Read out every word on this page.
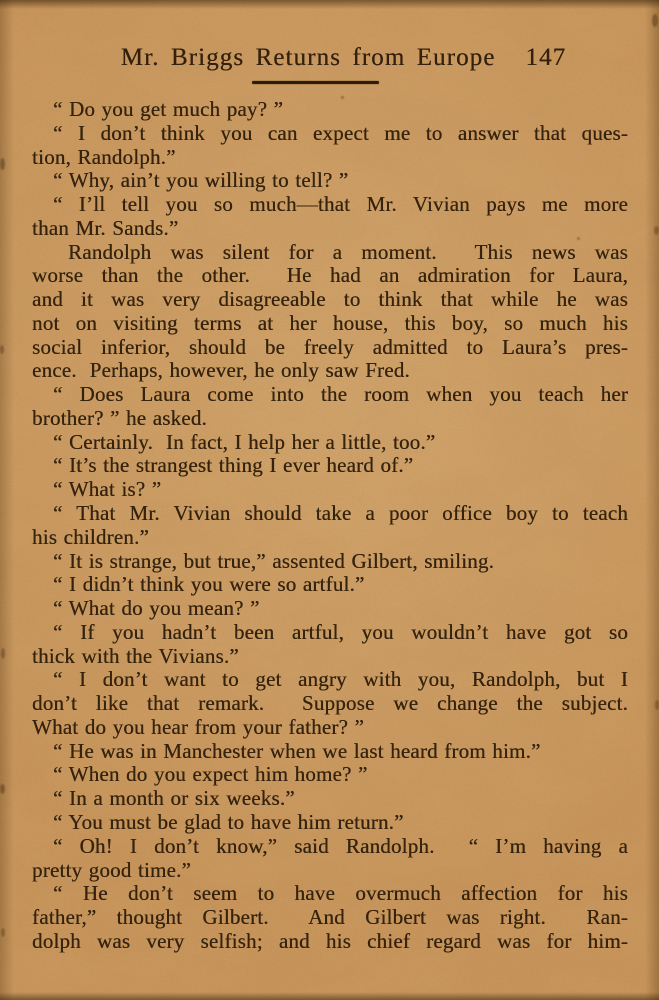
Mr. Briggs Returns from Europe 147
“ Do you get much pay? ”
“ I don’t think you can expect me to answer that ques-
tion, Randolph.”
“ Why, ain’t you willing to tell? ”
“ I’ll tell you so much—that Mr. Vivian pays me more
than Mr. Sands.”
Randolph was silent for a moment.  This news was
worse than the other.  He had an admiration for Laura,
and it was very disagreeable to think that while he was
not on visiting terms at her house, this boy, so much his
social inferior, should be freely admitted to Laura’s pres-
ence.  Perhaps, however, he only saw Fred.
“ Does Laura come into the room when you teach her
brother? ” he asked.
“ Certainly.  In fact, I help her a little, too.”
“ It’s the strangest thing I ever heard of.”
“ What is? ”
“ That Mr. Vivian should take a poor office boy to teach
his children.”
“ It is strange, but true,” assented Gilbert, smiling.
“ I didn’t think you were so artful.”
“ What do you mean? ”
“ If you hadn’t been artful, you wouldn’t have got so
thick with the Vivians.”
“ I don’t want to get angry with you, Randolph, but I
don’t like that remark.  Suppose we change the subject.
What do you hear from your father? ”
“ He was in Manchester when we last heard from him.”
“ When do you expect him home? ”
“ In a month or six weeks.”
“ You must be glad to have him return.”
“ Oh! I don’t know,” said Randolph.  “ I’m having a
pretty good time.”
“ He don’t seem to have overmuch affection for his
father,” thought Gilbert.  And Gilbert was right.  Ran-
dolph was very selfish; and his chief regard was for him-
